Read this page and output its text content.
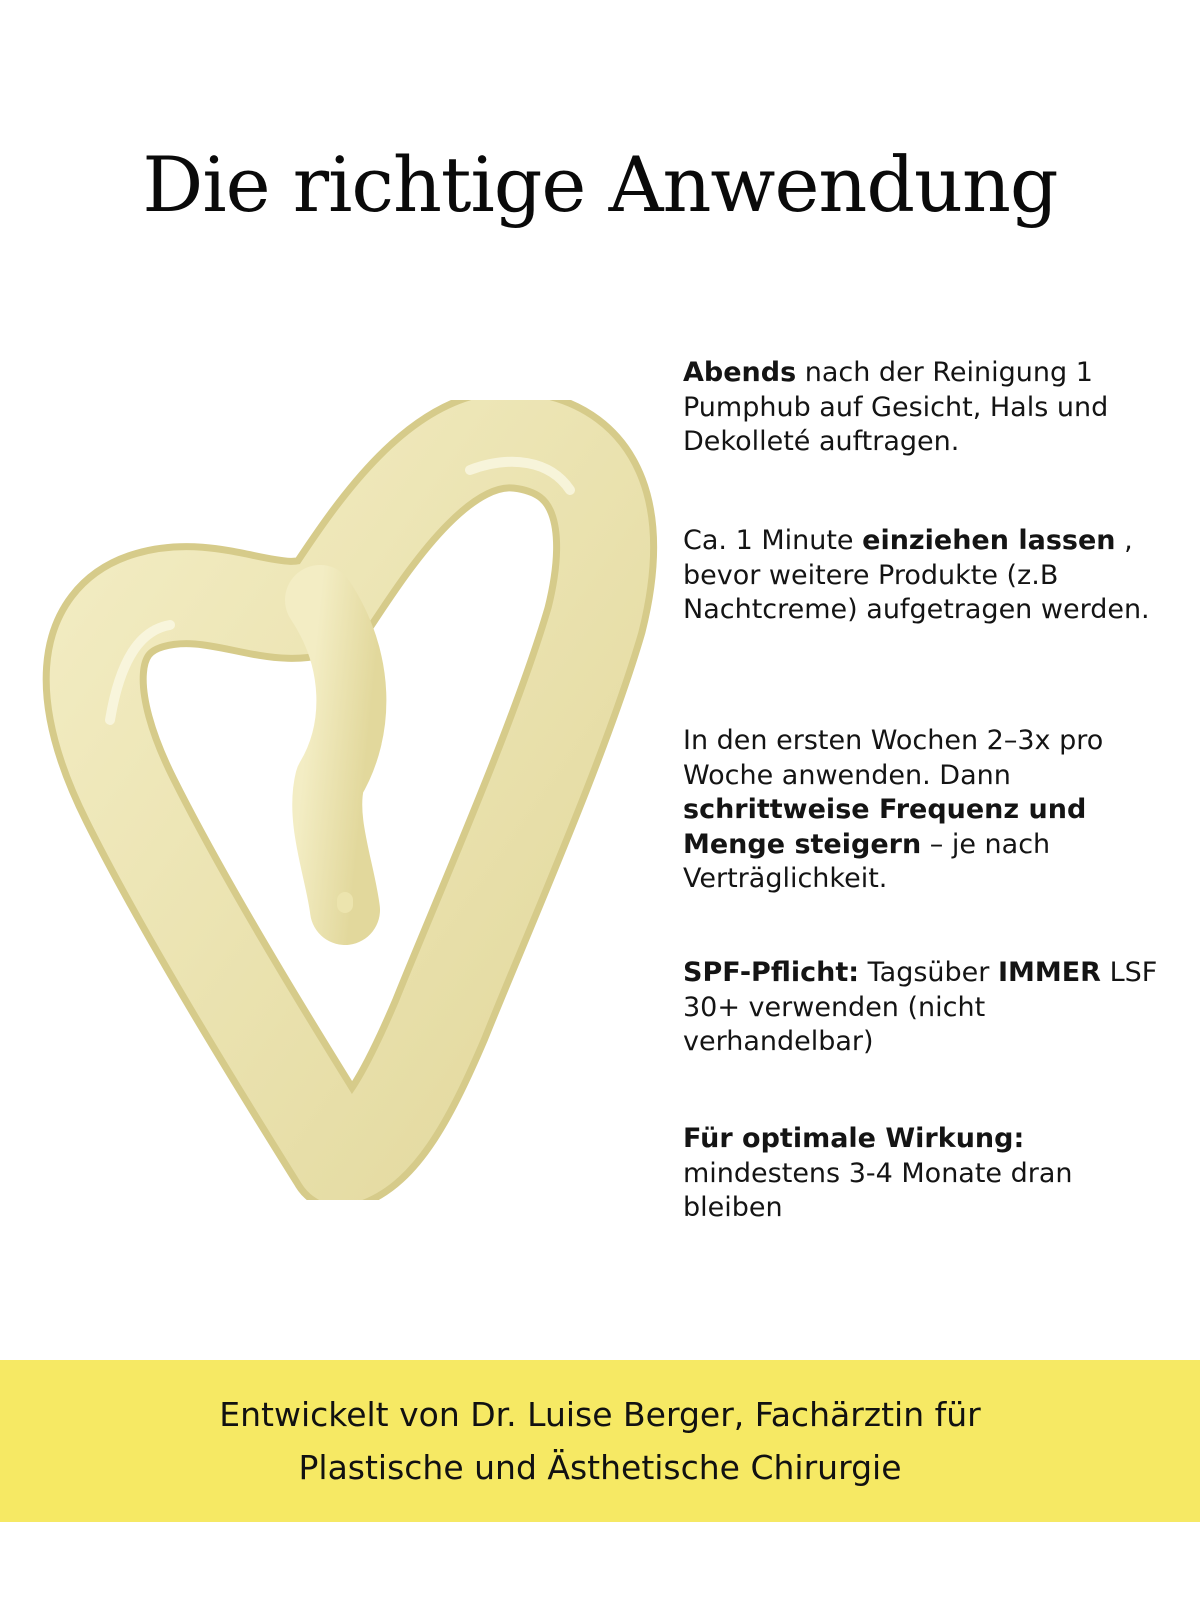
Die richtige Anwendung
Abends nach der Reinigung 1 Pumphub auf Gesicht, Hals und Dekolleté auftragen.
Ca. 1 Minute einziehen lassen , bevor weitere Produkte (z.B Nachtcreme) aufgetragen werden.
In den ersten Wochen 2–3x pro Woche anwenden. Dann schrittweise Frequenz und Menge steigern – je nach Verträglichkeit.
SPF-Pflicht: Tagsüber IMMER LSF 30+ verwenden (nicht verhandelbar)
Für optimale Wirkung: mindestens 3-4 Monate dran bleiben
Entwickelt von Dr. Luise Berger, Fachärztin für
Plastische und Ästhetische Chirurgie
